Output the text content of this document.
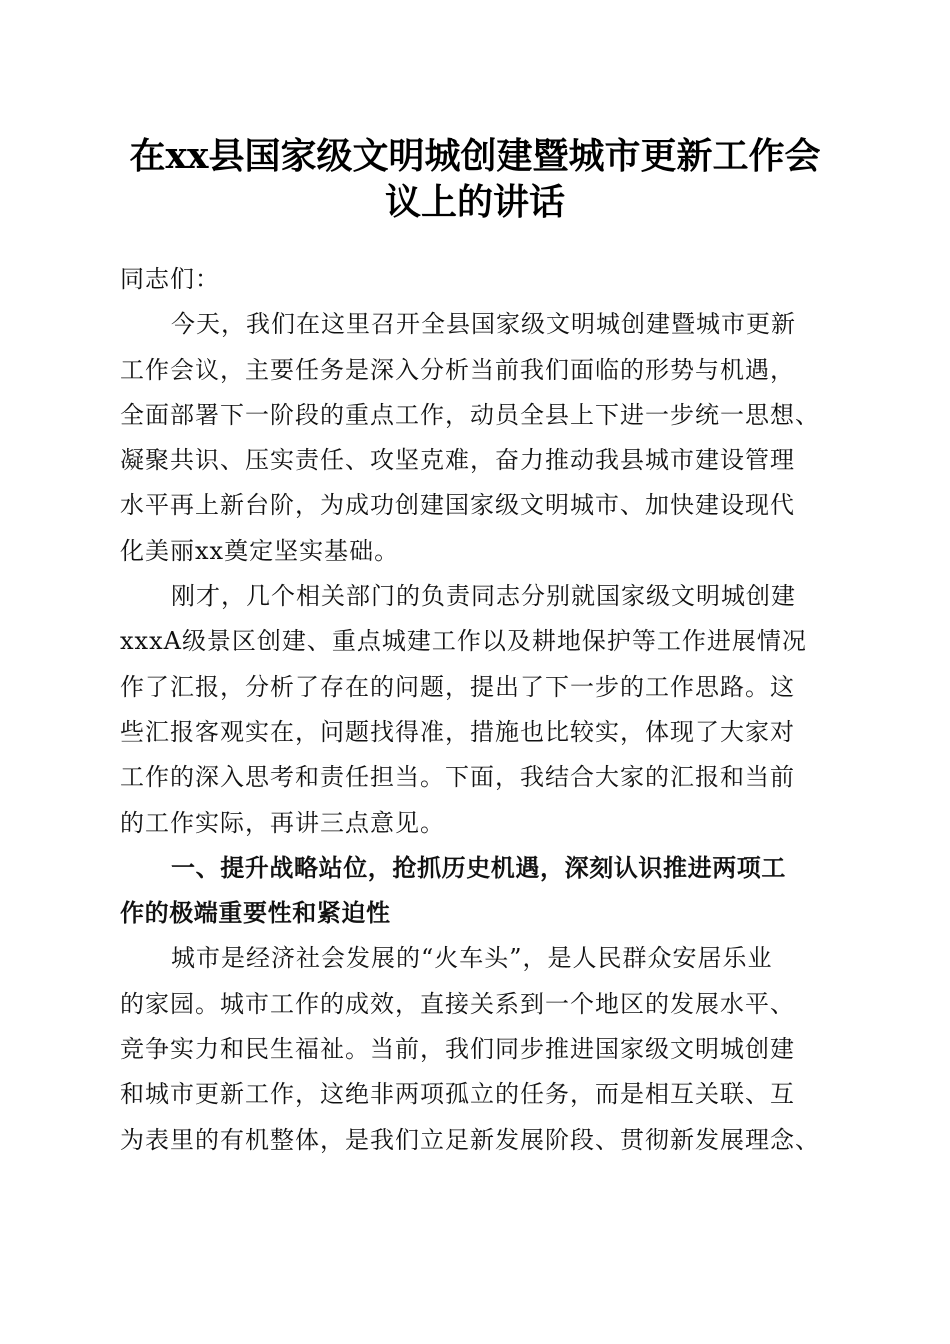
在xx县国家级文明城创建暨城市更新工作会
议上的讲话
同志们：
今天，我们在这里召开全县国家级文明城创建暨城市更新
工作会议，主要任务是深入分析当前我们面临的形势与机遇，
全面部署下一阶段的重点工作，动员全县上下进一步统一思想、
凝聚共识、压实责任、攻坚克难，奋力推动我县城市建设管理
水平再上新台阶，为成功创建国家级文明城市、加快建设现代
化美丽xx奠定坚实基础。
刚才，几个相关部门的负责同志分别就国家级文明城创建
xxxA级景区创建、重点城建工作以及耕地保护等工作进展情况
作了汇报，分析了存在的问题，提出了下一步的工作思路。这
些汇报客观实在，问题找得准，措施也比较实，体现了大家对
工作的深入思考和责任担当。下面，我结合大家的汇报和当前
的工作实际，再讲三点意见。
一、提升战略站位，抢抓历史机遇，深刻认识推进两项工
作的极端重要性和紧迫性
城市是经济社会发展的“火车头”，是人民群众安居乐业
的家园。城市工作的成效，直接关系到一个地区的发展水平、
竞争实力和民生福祉。当前，我们同步推进国家级文明城创建
和城市更新工作，这绝非两项孤立的任务，而是相互关联、互
为表里的有机整体，是我们立足新发展阶段、贯彻新发展理念、
